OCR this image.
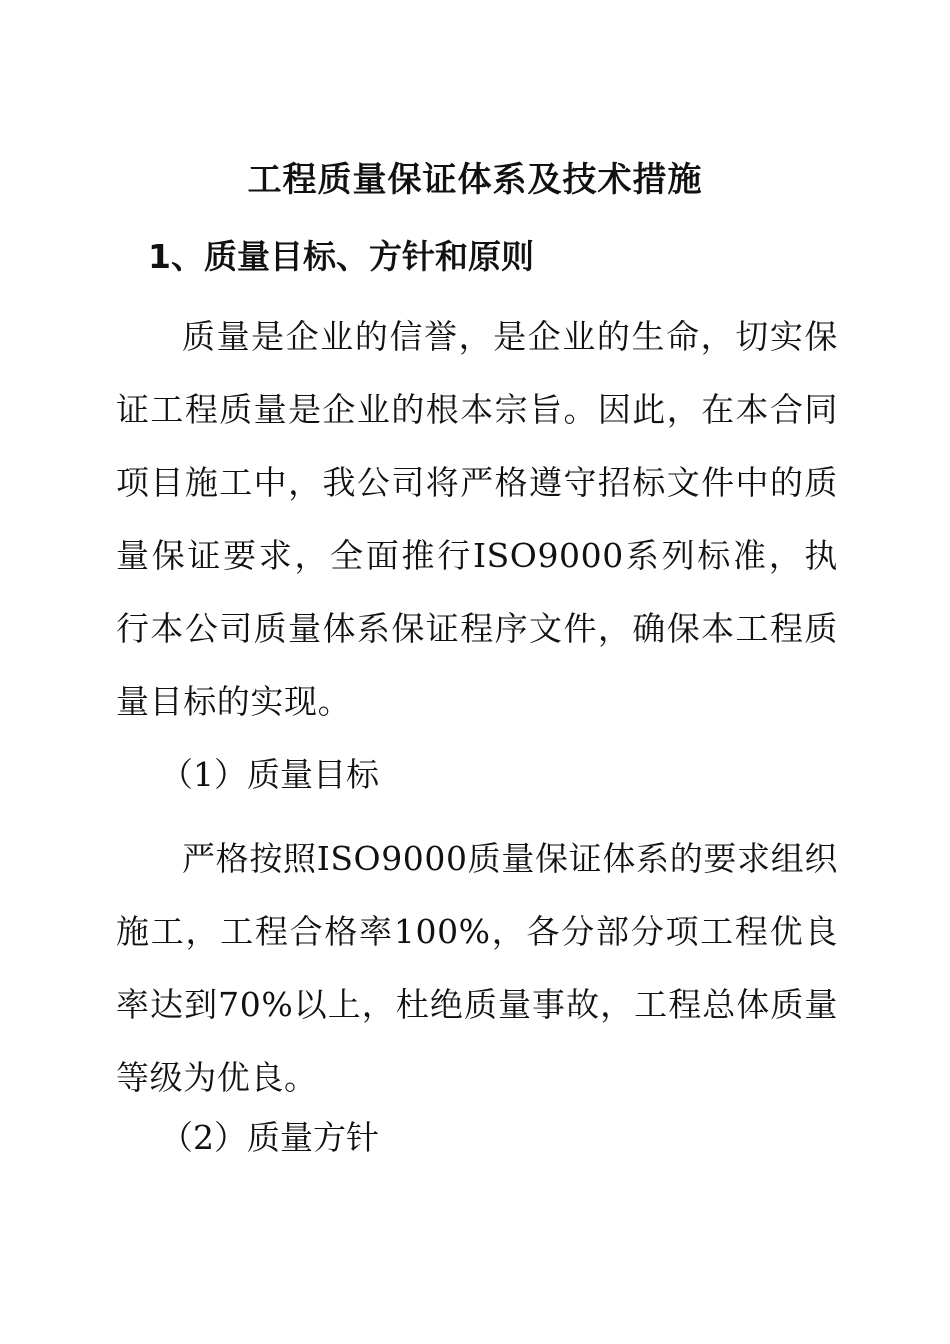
工程质量保证体系及技术措施
1、质量目标、方针和原则

质量是企业的信誉，是企业的生命，切实保证工程质量是企业的根本宗旨。因此，在本合同项目施工中，我公司将严格遵守招标文件中的质量保证要求，全面推行ISO9000系列标准，执行本公司质量体系保证程序文件，确保本工程质量目标的实现。

（1）质量目标

严格按照ISO9000质量保证体系的要求组织施工，工程合格率100%，各分部分项工程优良率达到70%以上，杜绝质量事故，工程总体质量等级为优良。

（2）质量方针
